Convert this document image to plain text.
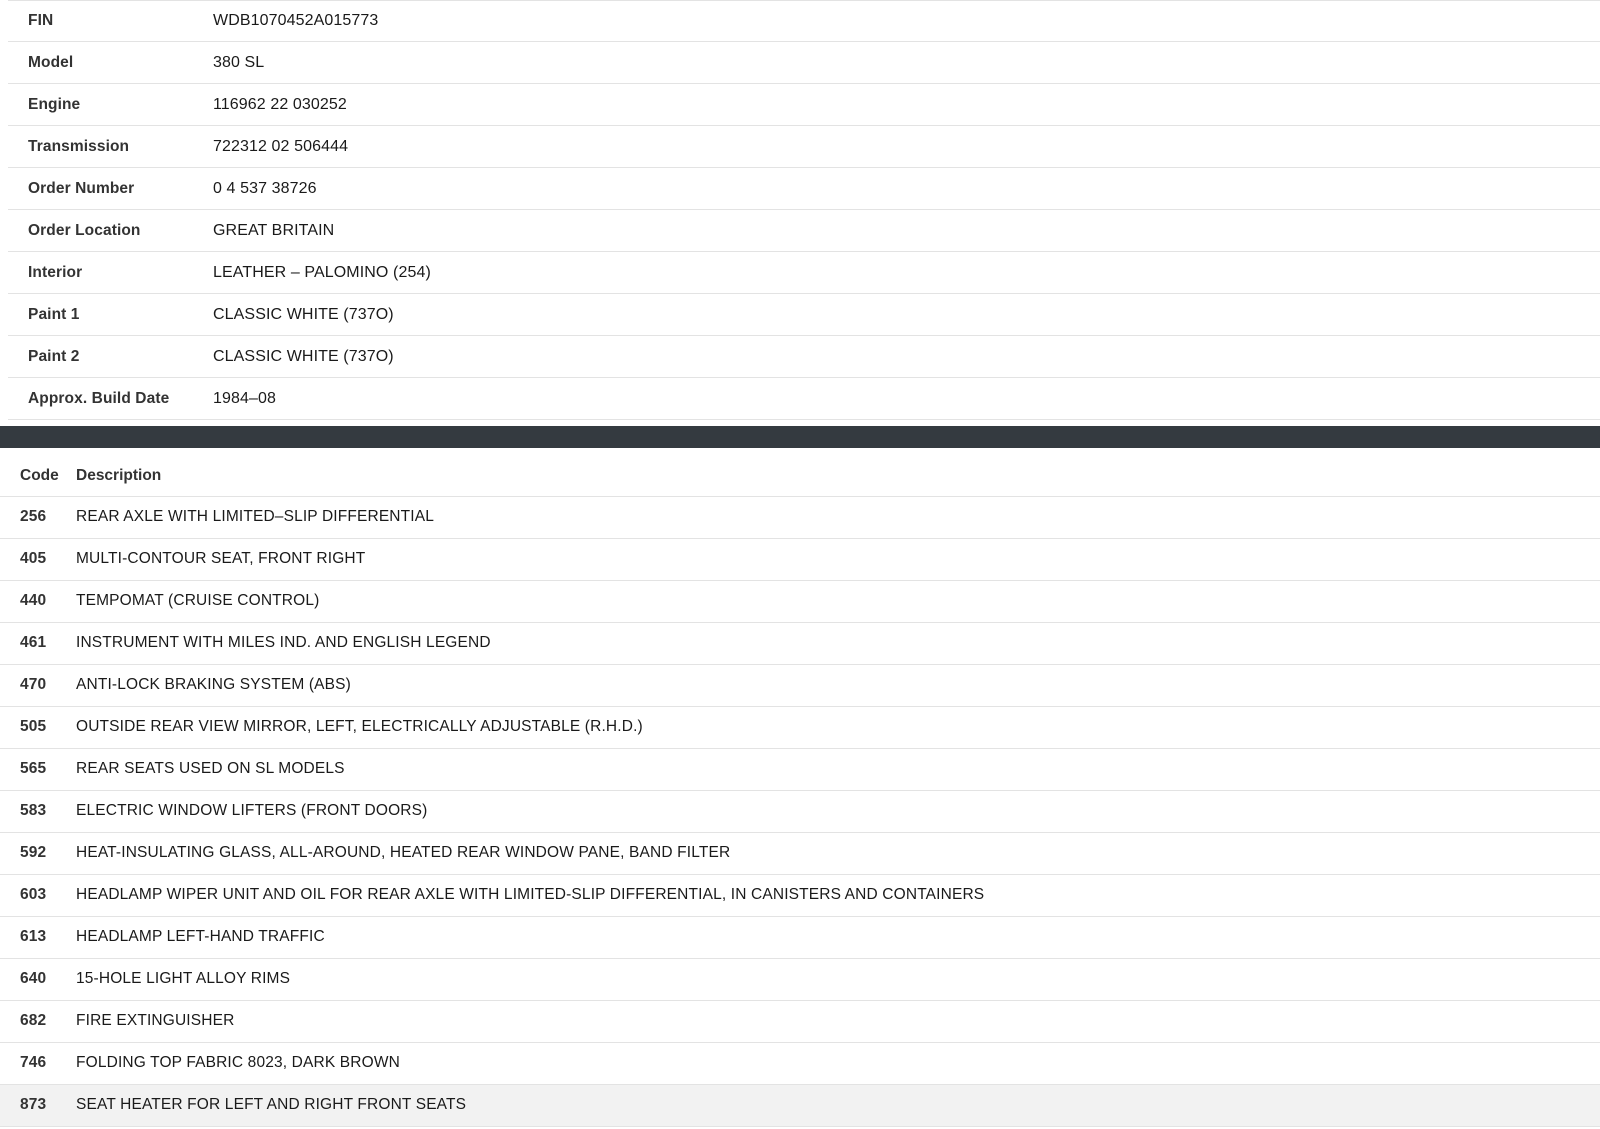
FIN	WDB1070452A015773
Model	380 SL
Engine	116962 22 030252
Transmission	722312 02 506444
Order Number	0 4 537 38726
Order Location	GREAT BRITAIN
Interior	LEATHER – PALOMINO (254)
Paint 1	CLASSIC WHITE (737O)
Paint 2	CLASSIC WHITE (737O)
Approx. Build Date	1984–08
Code	Description
256	REAR AXLE WITH LIMITED–SLIP DIFFERENTIAL
405	MULTI-CONTOUR SEAT, FRONT RIGHT
440	TEMPOMAT (CRUISE CONTROL)
461	INSTRUMENT WITH MILES IND. AND ENGLISH LEGEND
470	ANTI-LOCK BRAKING SYSTEM (ABS)
505	OUTSIDE REAR VIEW MIRROR, LEFT, ELECTRICALLY ADJUSTABLE (R.H.D.)
565	REAR SEATS USED ON SL MODELS
583	ELECTRIC WINDOW LIFTERS (FRONT DOORS)
592	HEAT-INSULATING GLASS, ALL-AROUND, HEATED REAR WINDOW PANE, BAND FILTER
603	HEADLAMP WIPER UNIT AND OIL FOR REAR AXLE WITH LIMITED-SLIP DIFFERENTIAL, IN CANISTERS AND CONTAINERS
613	HEADLAMP LEFT-HAND TRAFFIC
640	15-HOLE LIGHT ALLOY RIMS
682	FIRE EXTINGUISHER
746	FOLDING TOP FABRIC 8023, DARK BROWN
873	SEAT HEATER FOR LEFT AND RIGHT FRONT SEATS
